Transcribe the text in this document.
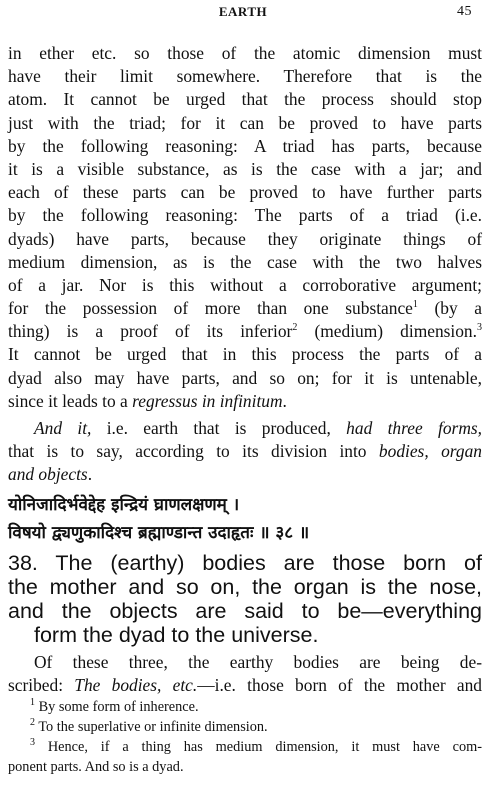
EARTH	45
in ether etc. so those of the atomic dimension must
have their limit somewhere. Therefore that is the
atom. It cannot be urged that the process should stop
just with the triad; for it can be proved to have parts
by the following reasoning: A triad has parts, because
it is a visible substance, as is the case with a jar; and
each of these parts can be proved to have further parts
by the following reasoning: The parts of a triad (i.e.
dyads) have parts, because they originate things of
medium dimension, as is the case with the two halves
of a jar. Nor is this without a corroborative argument;
for the possession of more than one substance$^1$ (by a
thing) is a proof of its inferior$^2$ (medium) dimension.$^3$
It cannot be urged that in this process the parts of a
dyad also may have parts, and so on; for it is untenable,
since it leads to a regressus in infinitum.
And it, i.e. earth that is produced, had three forms,
that is to say, according to its division into bodies, organ
and objects.
योनिजादिर्भवेद्देह इन्द्रियं घ्राणलक्षणम् ।
विषयो द्व्यणुकादिश्च ब्रह्माण्डान्त उदाहृतः ॥ ३८ ॥
38. The (earthy) bodies are those born of
the mother and so on, the organ is the nose,
and the objects are said to be—everything
form the dyad to the universe.
Of these three, the earthy bodies are being de-
scribed: The bodies, etc.—i.e. those born of the mother and
$^1$ By some form of inherence.
$^2$ To the superlative or infinite dimension.
$^3$ Hence, if a thing has medium dimension, it must have com-
ponent parts. And so is a dyad.
